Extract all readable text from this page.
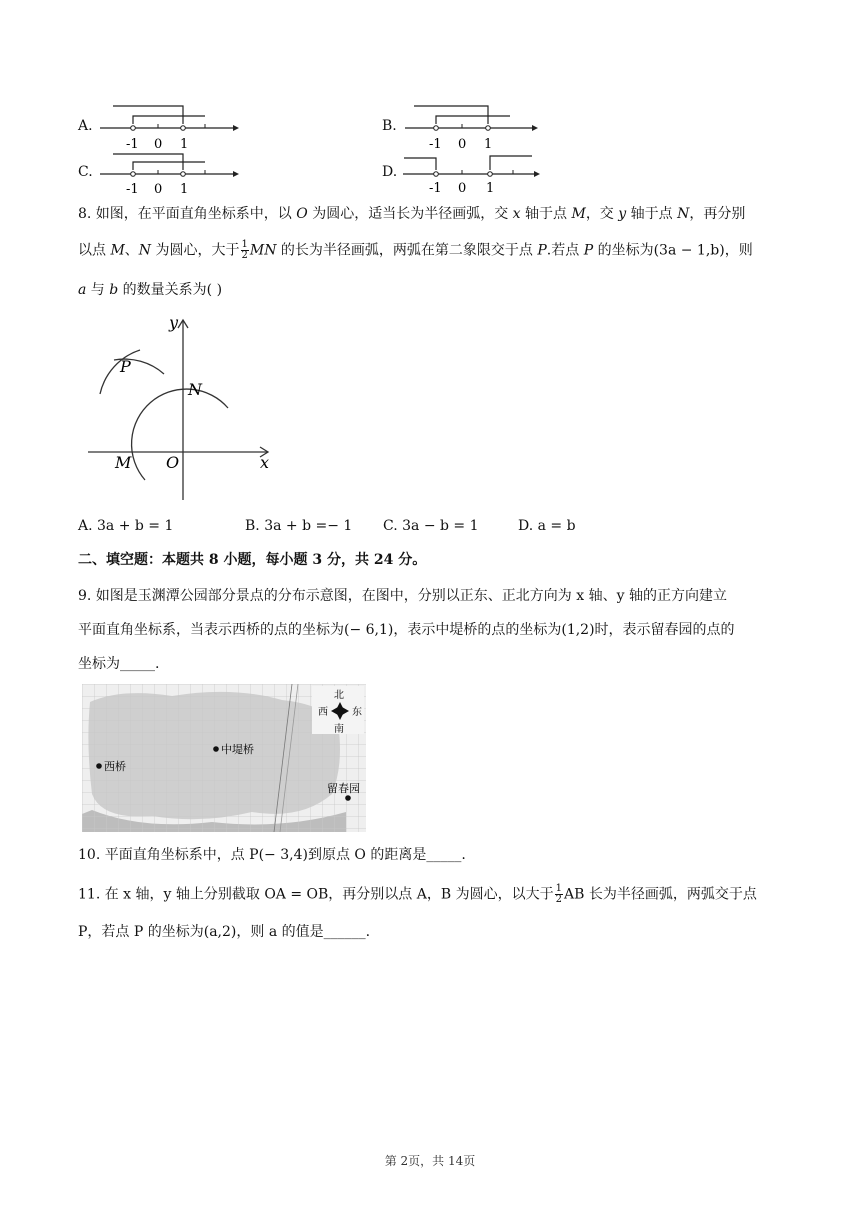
A.
-1 0 1
B.
-1 0 1
C.
-1 0 1
D.
-1 0 1
8. 如图，在平面直角坐标系中，以 O 为圆心，适当长为半径画弧，交 x 轴于点 M，交 y 轴于点 N，再分别
以点 M、N 为圆心，大于 $\frac{1}{2}$ MN 的长为半径画弧，两弧在第二象限交于点 P.若点 P 的坐标为(3a − 1,b)，则
a 与 b 的数量关系为( )
y
x
P
N
M O
A. 3a + b = 1	B. 3a + b =− 1 C. 3a − b = 1	D. a = b
二、填空题：本题共 8 小题，每小题 3 分，共 24 分。
9. 如图是玉渊潭公园部分景点的分布示意图，在图中，分别以正东、正北方向为 x 轴、y 轴的正方向建立
平面直角坐标系，当表示西桥的点的坐标为(− 6,1)，表示中堤桥的点的坐标为(1,2)时，表示留春园的点的
坐标为_____.
北
南
东
西
西桥
中堤桥
留春园
10. 平面直角坐标系中，点 P(− 3,4)到原点 O 的距离是_____.
11. 在 x 轴，y 轴上分别截取 OA = OB，再分别以点 A，B 为圆心，以大于 $\frac{1}{2}$ AB 长为半径画弧，两弧交于点
P，若点 P 的坐标为(a,2)，则 a 的值是______.
第 2页，共 14页
